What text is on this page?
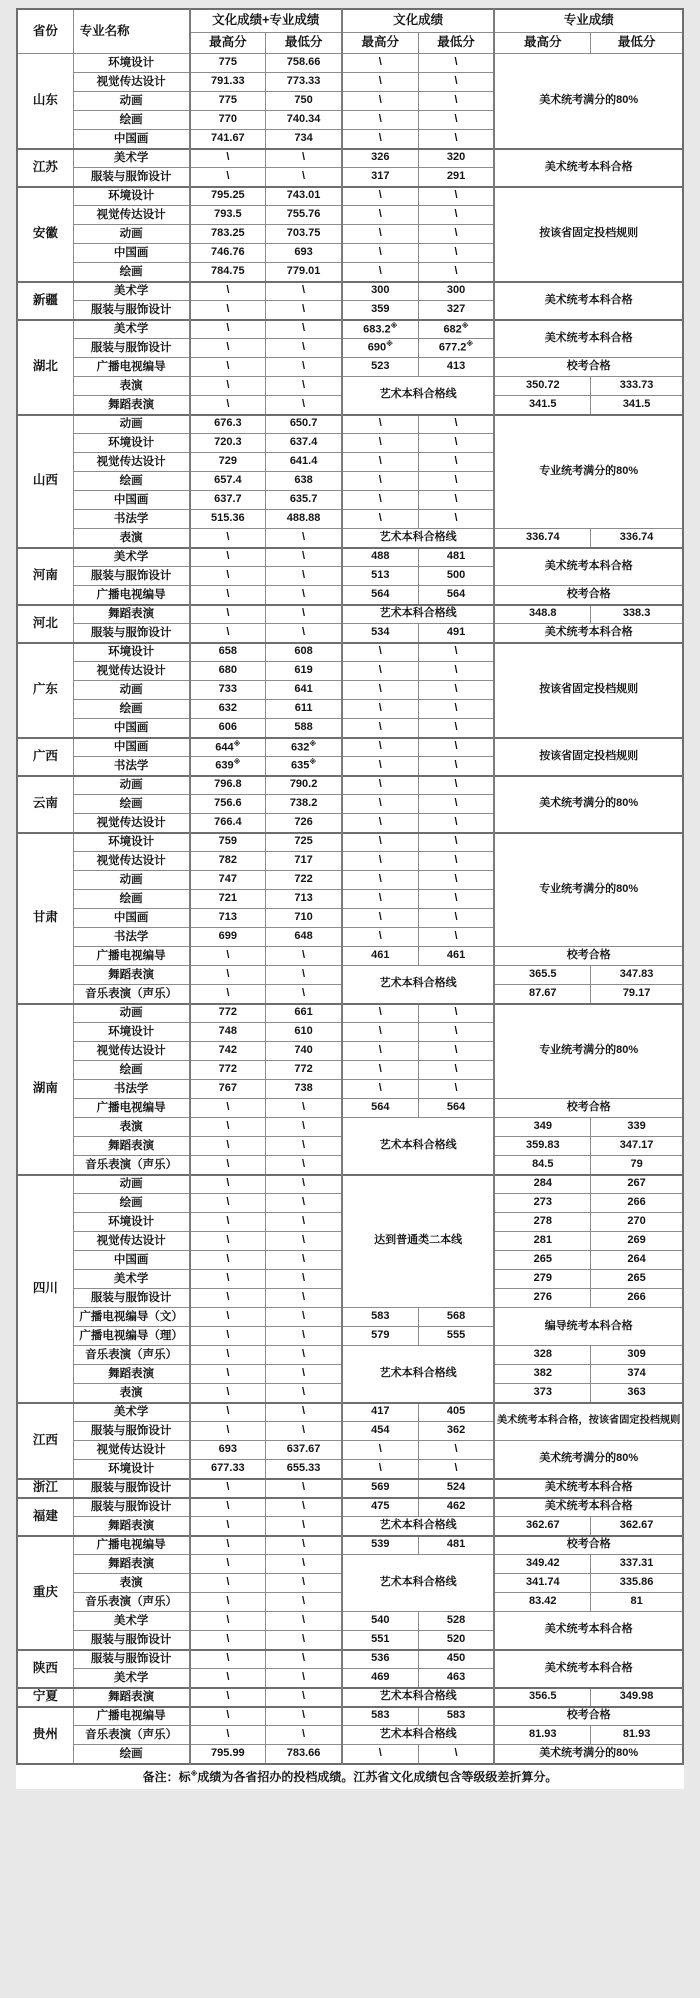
省份	专业名称	文化成绩+专业成绩		文化成绩		专业成绩	
		最高分	最低分	最高分	最低分	最高分	最低分
山东	环境设计	775	758.66	\	\	美术统考满分的80%	
	视觉传达设计	791.33	773.33	\	\		
	动画	775	750	\	\		
	绘画	770	740.34	\	\		
	中国画	741.67	734	\	\		
江苏	美术学	\	\	326	320	美术统考本科合格	
	服装与服饰设计	\	\	317	291		
安徽	环境设计	795.25	743.01	\	\	按该省固定投档规则	
	视觉传达设计	793.5	755.76	\	\		
	动画	783.25	703.75	\	\		
	中国画	746.76	693	\	\		
	绘画	784.75	779.01	\	\		
新疆	美术学	\	\	300	300	美术统考本科合格	
	服装与服饰设计	\	\	359	327		
湖北	美术学	\	\	683.2※	682※	美术统考本科合格	
	服装与服饰设计	\	\	690※	677.2※
	广播电视编导	\	\	523	413	校考合格	
	表演	\	\	艺术本科合格线		350.72	333.73
	舞蹈表演	\	\			341.5	341.5
山西	动画	676.3	650.7	\	\	专业统考满分的80%	
	环境设计	720.3	637.4	\	\		
	视觉传达设计	729	641.4	\	\		
	绘画	657.4	638	\	\		
	中国画	637.7	635.7	\	\		
	书法学	515.36	488.88	\	\		
	表演	\	\	艺术本科合格线		336.74	336.74
河南	美术学	\	\	488	481	美术统考本科合格	
	服装与服饰设计	\	\	513	500		
	广播电视编导	\	\	564	564	校考合格	
河北	舞蹈表演	\	\	艺术本科合格线		348.8	338.3
	服装与服饰设计	\	\	534	491	美术统考本科合格	
广东	环境设计	658	608	\	\	按该省固定投档规则	
	视觉传达设计	680	619	\	\		
	动画	733	641	\	\		
	绘画	632	611	\	\		
	中国画	606	588	\	\		
广西	中国画	644※	632※	\	\	按该省固定投档规则	
	书法学	639※	635※	\	\		
云南	动画	796.8	790.2	\	\	美术统考满分的80%	
	绘画	756.6	738.2	\	\		
	视觉传达设计	766.4	726	\	\		
甘肃	环境设计	759	725	\	\	专业统考满分的80%	
	视觉传达设计	782	717	\	\		
	动画	747	722	\	\		
	绘画	721	713	\	\		
	中国画	713	710	\	\		
	书法学	699	648	\	\		
	广播电视编导	\	\	461	461	校考合格	
	舞蹈表演	\	\	艺术本科合格线		365.5	347.83
	音乐表演（声乐）	\	\			87.67	79.17
湖南	动画	772	661	\	\	专业统考满分的80%	
	环境设计	748	610	\	\		
	视觉传达设计	742	740	\	\		
	绘画	772	772	\	\		
	书法学	767	738	\	\		
	广播电视编导	\	\	564	564	校考合格	
	表演	\	\	艺术本科合格线		349	339
	舞蹈表演	\	\			359.83	347.17
	音乐表演（声乐）	\	\			84.5	79
四川	动画	\	\	达到普通类二本线		284	267
	绘画	\	\			273	266
	环境设计	\	\			278	270
	视觉传达设计	\	\			281	269
	中国画	\	\			265	264
	美术学	\	\			279	265
	服装与服饰设计	\	\			276	266
	广播电视编导（文）	\	\	583	568	编导统考本科合格	
	广播电视编导（理）	\	\	579	555		
	音乐表演（声乐）	\	\	艺术本科合格线		328	309
	舞蹈表演	\	\			382	374
	表演	\	\			373	363
江西	美术学	\	\	417	405	美术统考本科合格，按该省固定投档规则	
	服装与服饰设计	\	\	454	362		
	视觉传达设计	693	637.67	\	\	美术统考满分的80%	
	环境设计	677.33	655.33	\	\		
浙江	服装与服饰设计	\	\	569	524	美术统考本科合格	
福建	服装与服饰设计	\	\	475	462	美术统考本科合格	
	舞蹈表演	\	\	艺术本科合格线		362.67	362.67
重庆	广播电视编导	\	\	539	481	校考合格	
	舞蹈表演	\	\	艺术本科合格线		349.42	337.31
	表演	\	\			341.74	335.86
	音乐表演（声乐）	\	\			83.42	81
	美术学	\	\	540	528	美术统考本科合格	
	服装与服饰设计	\	\	551	520		
陕西	服装与服饰设计	\	\	536	450	美术统考本科合格	
	美术学	\	\	469	463		
宁夏	舞蹈表演	\	\	艺术本科合格线		356.5	349.98
贵州	广播电视编导	\	\	583	583	校考合格	
	音乐表演（声乐）	\	\	艺术本科合格线		81.93	81.93
	绘画	795.99	783.66	\	\	美术统考满分的80%	
备注：标※成绩为各省招办的投档成绩。江苏省文化成绩包含等级级差折算分。
